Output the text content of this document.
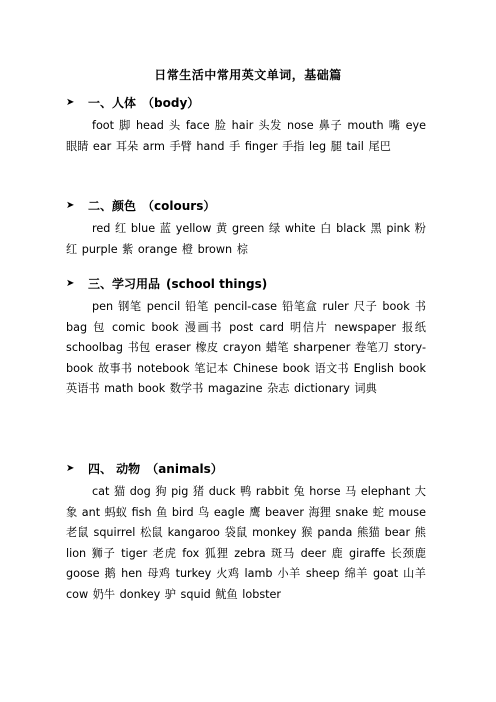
日常生活中常用英文单词，基础篇
➤	一、人体 （body）
foot 脚 head 头 face 脸 hair 头发 nose 鼻子 mouth 嘴 eye 眼睛 ear 耳朵 arm 手臂 hand 手 finger 手指 leg 腿 tail 尾巴
➤	二、颜色 （colours）
red 红 blue 蓝 yellow 黄 green 绿 white 白 black 黑 pink 粉红 purple 紫 orange 橙 brown 棕
➤	三、学习用品 (school things)
pen 钢笔 pencil 铅笔 pencil-case 铅笔盒 ruler 尺子 book 书 bag 包 comic book 漫画书 post card 明信片 newspaper 报纸 schoolbag 书包 eraser 橡皮 crayon 蜡笔 sharpener 卷笔刀 story-book 故事书 notebook 笔记本 Chinese book 语文书 English book 英语书 math book 数学书 magazine 杂志 dictionary 词典
➤	四、 动物 （animals）
cat 猫 dog 狗 pig 猪 duck 鸭 rabbit 兔 horse 马 elephant 大象 ant 蚂蚁 fish 鱼 bird 鸟 eagle 鹰 beaver 海狸 snake 蛇 mouse 老鼠 squirrel 松鼠 kangaroo 袋鼠 monkey 猴 panda 熊猫 bear 熊 lion 狮子 tiger 老虎 fox 狐狸 zebra 斑马 deer 鹿 giraffe 长颈鹿 goose 鹅 hen 母鸡 turkey 火鸡 lamb 小羊 sheep 绵羊 goat 山羊 cow 奶牛 donkey 驴 squid 鱿鱼 lobster
